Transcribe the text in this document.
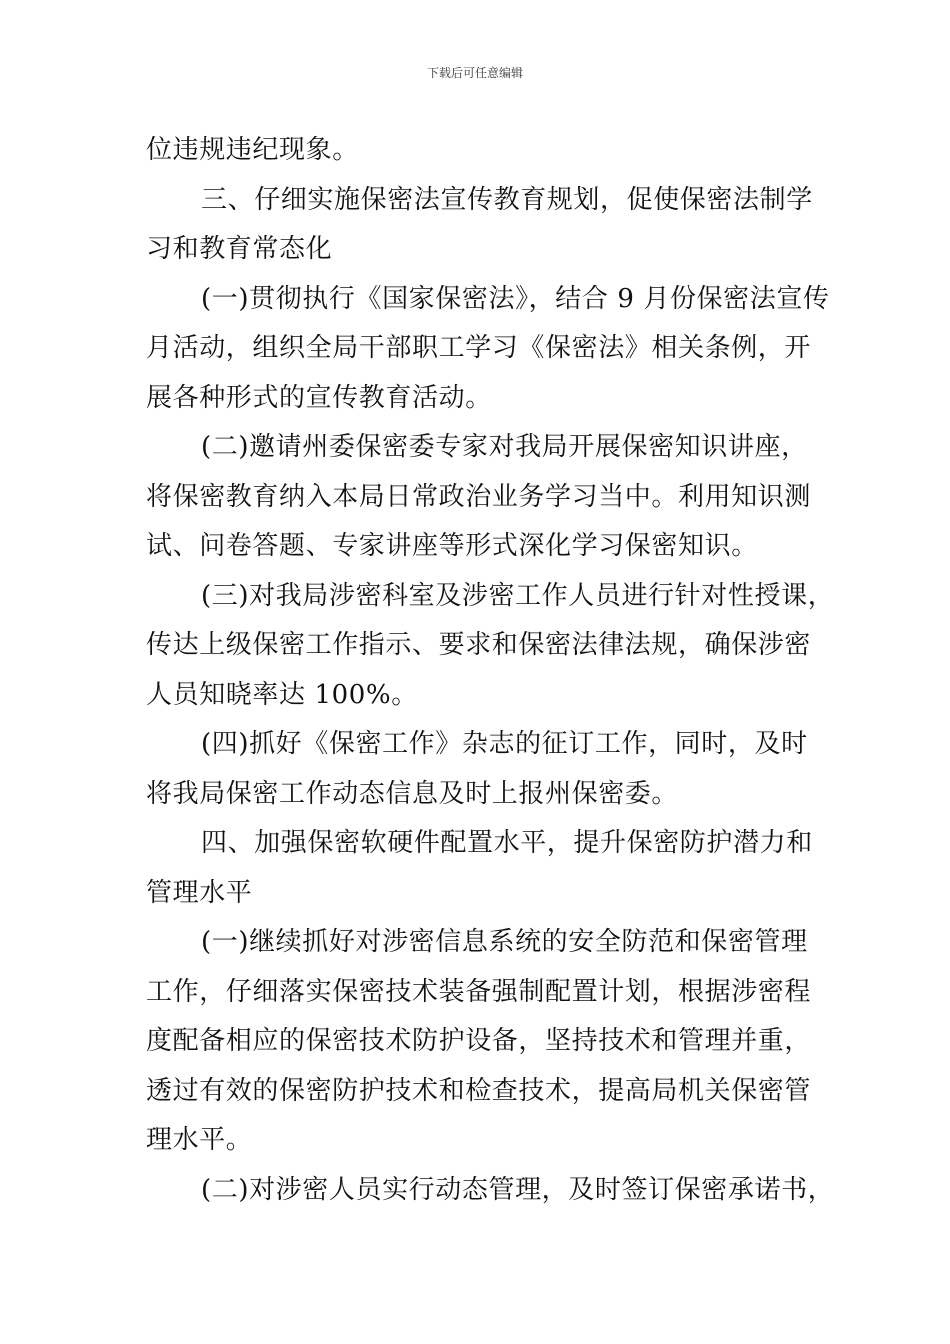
下载后可任意编辑
位违规违纪现象。
三、仔细实施保密法宣传教育规划，促使保密法制学
习和教育常态化
(一)贯彻执行《国家保密法》，结合 9 月份保密法宣传
月活动，组织全局干部职工学习《保密法》相关条例，开
展各种形式的宣传教育活动。
(二)邀请州委保密委专家对我局开展保密知识讲座，
将保密教育纳入本局日常政治业务学习当中。利用知识测
试、问卷答题、专家讲座等形式深化学习保密知识。
(三)对我局涉密科室及涉密工作人员进行针对性授课，
传达上级保密工作指示、要求和保密法律法规，确保涉密
人员知晓率达 100%。
(四)抓好《保密工作》杂志的征订工作，同时，及时
将我局保密工作动态信息及时上报州保密委。
四、加强保密软硬件配置水平，提升保密防护潜力和
管理水平
(一)继续抓好对涉密信息系统的安全防范和保密管理
工作，仔细落实保密技术装备强制配置计划，根据涉密程
度配备相应的保密技术防护设备，坚持技术和管理并重，
透过有效的保密防护技术和检查技术，提高局机关保密管
理水平。
(二)对涉密人员实行动态管理，及时签订保密承诺书，
